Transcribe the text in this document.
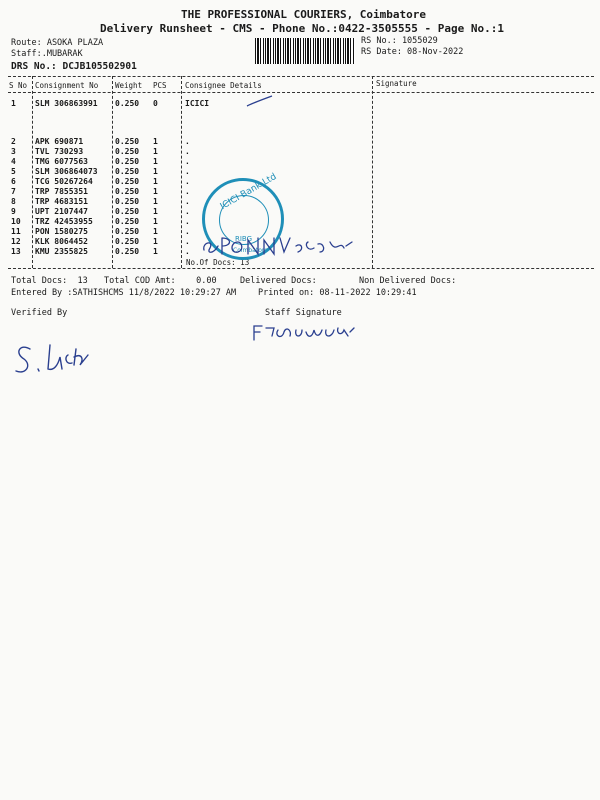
THE PROFESSIONAL COURIERS, Coimbatore
Delivery Runsheet - CMS - Phone No.:0422-3505555 - Page No.:1
Route: ASOKA PLAZA
Staff:.MUBARAK
DRS No.: DCJB105502901
RS No.: 1055029
RS Date: 08-Nov-2022
S No Consignment No Weight PCS Consignee Details	Signature
1 SLM 306863991 0.250 0	ICICI
2 APK 690871	0.250 1	.
3 TVL 730293	0.250 1	.
4 TMG 6077563	0.250 1	.
5 SLM 306864073 0.250 1	.
6 TCG 50267264	0.250 1	.
7 TRP 7855351	0.250 1	.
8 TRP 4683151	0.250 1	.
9 UPT 2107447	0.250 1	.
10 TRZ 42453955	0.250 1	.
11 PON 1580275	0.250 1	.
12 KLK 8064452	0.250 1	.
13 KMU 2355825	0.250 1	.
No.Of Docs: 13
ICICI Bank Ltd
RIBG
Coimbatore
Total Docs:  13 Total COD Amt:    0.00	Delivered Docs:	Non Delivered Docs:
Entered By :SATHISHCMS 11/8/2022 10:29:27 AM	Printed on: 08-11-2022 10:29:41
Verified By	Staff Signature
